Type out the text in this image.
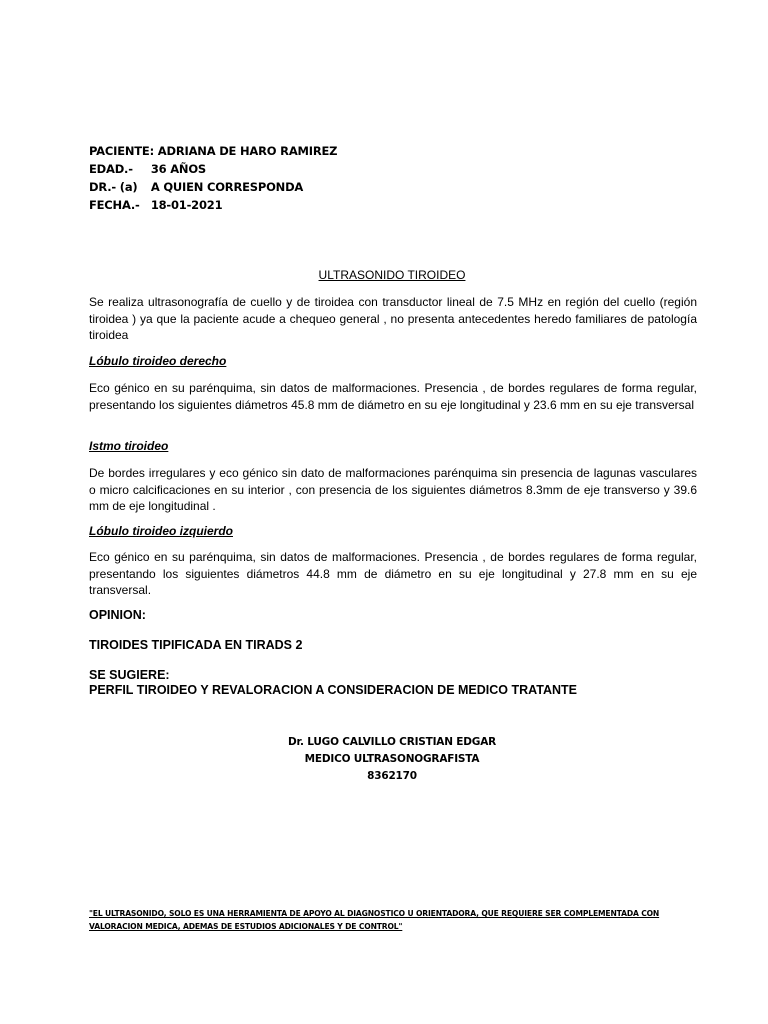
PACIENTE: ADRIANA DE HARO RAMIREZ
EDAD.- 36 AÑOS
DR.- (a) A QUIEN CORRESPONDA
FECHA.- 18-01-2021
ULTRASONIDO TIROIDEO
Se realiza ultrasonografía de cuello y de tiroidea con transductor lineal de 7.5 MHz en región del cuello (región tiroidea ) ya que la paciente acude a chequeo general , no presenta antecedentes heredo familiares de patología tiroidea
Lóbulo tiroideo derecho
Eco génico en su parénquima, sin datos de malformaciones. Presencia , de bordes regulares de forma regular, presentando los siguientes diámetros 45.8 mm de diámetro en su eje longitudinal y 23.6 mm en su eje transversal
Istmo tiroideo
De bordes irregulares y eco génico sin dato de malformaciones parénquima sin presencia de lagunas vasculares o micro calcificaciones en su interior , con presencia de los siguientes diámetros 8.3mm de eje transverso y 39.6 mm de eje longitudinal .
Lóbulo tiroideo izquierdo
Eco génico en su parénquima, sin datos de malformaciones. Presencia , de bordes regulares de forma regular, presentando los siguientes diámetros 44.8 mm de diámetro en su eje longitudinal y 27.8 mm en su eje transversal.
OPINION:
TIROIDES TIPIFICADA EN TIRADS 2
SE SUGIERE:
PERFIL TIROIDEO Y REVALORACION A CONSIDERACION DE MEDICO TRATANTE
Dr. LUGO CALVILLO CRISTIAN EDGAR
MEDICO ULTRASONOGRAFISTA
8362170
"EL ULTRASONIDO, SOLO ES UNA HERRAMIENTA DE APOYO AL DIAGNOSTICO U ORIENTADORA, QUE REQUIERE SER COMPLEMENTADA CON VALORACION MEDICA, ADEMAS DE ESTUDIOS ADICIONALES Y DE CONTROL"
